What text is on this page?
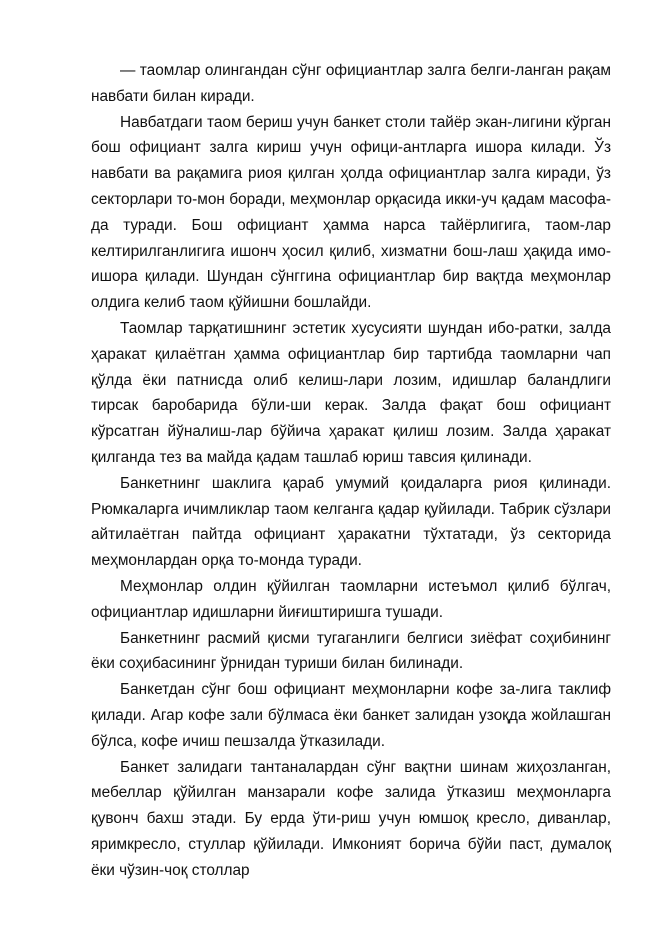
— таомлар олингандан сўнг официантлар залга белги-ланган рақам навбати билан киради.

Навбатдаги таом бериш учун банкет столи тайёр экан-лигини кўрган бош официант залга кириш учун офици-антларга ишора килади. Ўз навбати ва рақамига риоя қилган ҳолда официантлар залга киради, ўз секторлари то-мон боради, меҳмонлар орқасида икки-уч қадам масофа-да туради. Бош официант ҳамма нарса тайёрлигига, таом-лар келтирилганлигига ишонч ҳосил қилиб, хизматни бош-лаш ҳақида имо-ишора қилади. Шундан сўнггина официантлар бир вақтда меҳмонлар олдига келиб таом қўйишни бошлайди.

Таомлар тарқатишнинг эстетик хусусияти шундан ибо-ратки, залда ҳаракат қилаётган ҳамма официантлар бир тартибда таомларни чап қўлда ёки патнисда олиб келиш-лари лозим, идишлар баландлиги тирсак баробарида бўли-ши керак. Залда фақат бош официант кўрсатган йўналиш-лар бўйича ҳаракат қилиш лозим. Залда ҳаракат қилганда тез ва майда қадам ташлаб юриш тавсия қилинади.

Банкетнинг шаклига қараб умумий қоидаларга риоя қилинади. Рюмкаларга ичимликлар таом келганга қадар қуйилади. Табрик сўзлари айтилаётган пайтда официант ҳаракатни тўхтатади, ўз секторида меҳмонлардан орқа то-монда туради.

Меҳмонлар олдин қўйилган таомларни истеъмол қилиб бўлгач, официантлар идишларни йиғиштиришга тушади.

Банкетнинг расмий қисми тугаганлиги белгиси зиёфат соҳибининг ёки соҳибасининг ўрнидан туриши билан билинади.

Банкетдан сўнг бош официант меҳмонларни кофе за-лига таклиф қилади. Агар кофе зали бўлмаса ёки банкет залидан узоқда жойлашган бўлса, кофе ичиш пешзалда ўтказилади.

Банкет залидаги тантаналардан сўнг вақтни шинам жиҳозланган, мебеллар қўйилган манзарали кофе залида ўтказиш меҳмонларга қувонч бахш этади. Бу ерда ўти-риш учун юмшоқ кресло, диванлар, яримкресло, стуллар қўйилади. Имконият борича бўйи паст, думалоқ ёки чўзин-чоқ столлар
